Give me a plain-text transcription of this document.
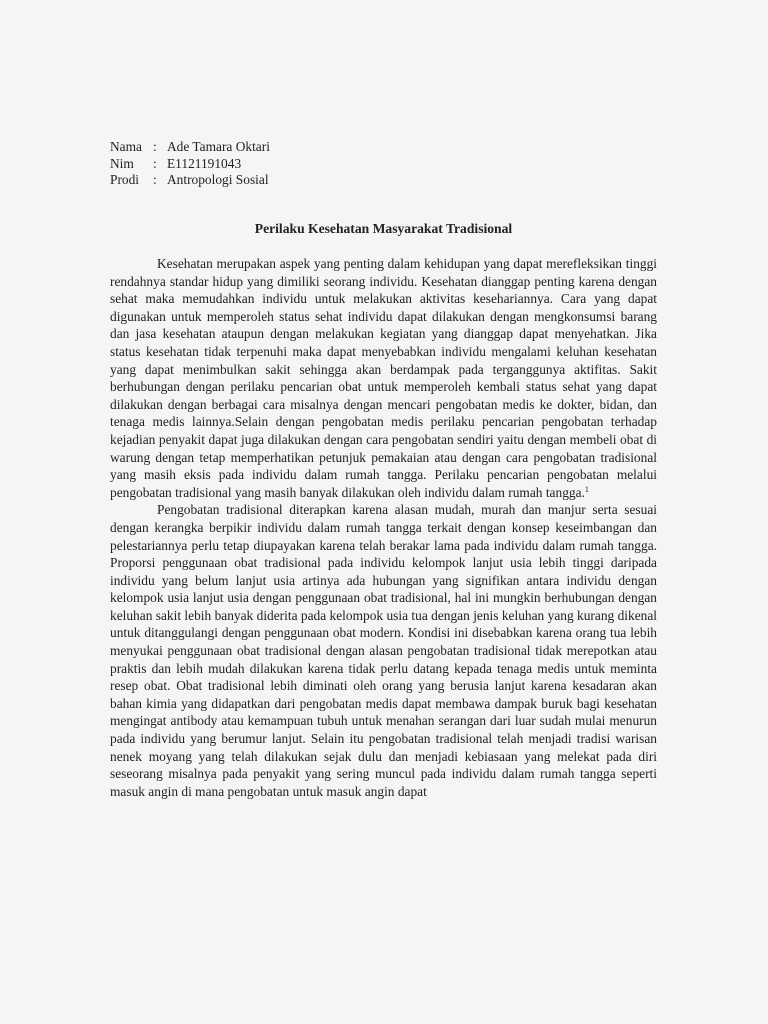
Nama : Ade Tamara Oktari
Nim	: E1121191043
Prodi	: Antropologi Sosial
Perilaku Kesehatan Masyarakat Tradisional

Kesehatan merupakan aspek yang penting dalam kehidupan yang dapat merefleksikan tinggi rendahnya standar hidup yang dimiliki seorang individu. Kesehatan dianggap penting karena dengan sehat maka memudahkan individu untuk melakukan aktivitas kesehariannya. Cara yang dapat digunakan untuk memperoleh status sehat individu dapat dilakukan dengan mengkonsumsi barang dan jasa kesehatan ataupun dengan melakukan kegiatan yang dianggap dapat menyehatkan. Jika status kesehatan tidak terpenuhi maka dapat menyebabkan individu mengalami keluhan kesehatan yang dapat menimbulkan sakit sehingga akan berdampak pada terganggunya aktifitas. Sakit berhubungan dengan perilaku pencarian obat untuk memperoleh kembali status sehat yang dapat dilakukan dengan berbagai cara misalnya dengan mencari pengobatan medis ke dokter, bidan, dan tenaga medis lainnya.Selain dengan pengobatan medis perilaku pencarian pengobatan terhadap kejadian penyakit dapat juga dilakukan dengan cara pengobatan sendiri yaitu dengan membeli obat di warung dengan tetap memperhatikan petunjuk pemakaian atau dengan cara pengobatan tradisional yang masih eksis pada individu dalam rumah tangga. Perilaku pencarian pengobatan melalui pengobatan tradisional yang masih banyak dilakukan oleh individu dalam rumah tangga.$^1$

Pengobatan tradisional diterapkan karena alasan mudah, murah dan manjur serta sesuai dengan kerangka berpikir individu dalam rumah tangga terkait dengan konsep keseimbangan dan pelestariannya perlu tetap diupayakan karena telah berakar lama pada individu dalam rumah tangga. Proporsi penggunaan obat tradisional pada individu kelompok lanjut usia lebih tinggi daripada individu yang belum lanjut usia artinya ada hubungan yang signifikan antara individu dengan kelompok usia lanjut usia dengan penggunaan obat tradisional, hal ini mungkin berhubungan dengan keluhan sakit lebih banyak diderita pada kelompok usia tua dengan jenis keluhan yang kurang dikenal untuk ditanggulangi dengan penggunaan obat modern. Kondisi ini disebabkan karena orang tua lebih menyukai penggunaan obat tradisional dengan alasan pengobatan tradisional tidak merepotkan atau praktis dan lebih mudah dilakukan karena tidak perlu datang kepada tenaga medis untuk meminta resep obat. Obat tradisional lebih diminati oleh orang yang berusia lanjut karena kesadaran akan bahan kimia yang didapatkan dari pengobatan medis dapat membawa dampak buruk bagi kesehatan mengingat antibody atau kemampuan tubuh untuk menahan serangan dari luar sudah mulai menurun pada individu yang berumur lanjut. Selain itu pengobatan tradisional telah menjadi tradisi warisan nenek moyang yang telah dilakukan sejak dulu dan menjadi kebiasaan yang melekat pada diri seseorang misalnya pada penyakit yang sering muncul pada individu dalam rumah tangga seperti masuk angin di mana pengobatan untuk masuk angin dapat
